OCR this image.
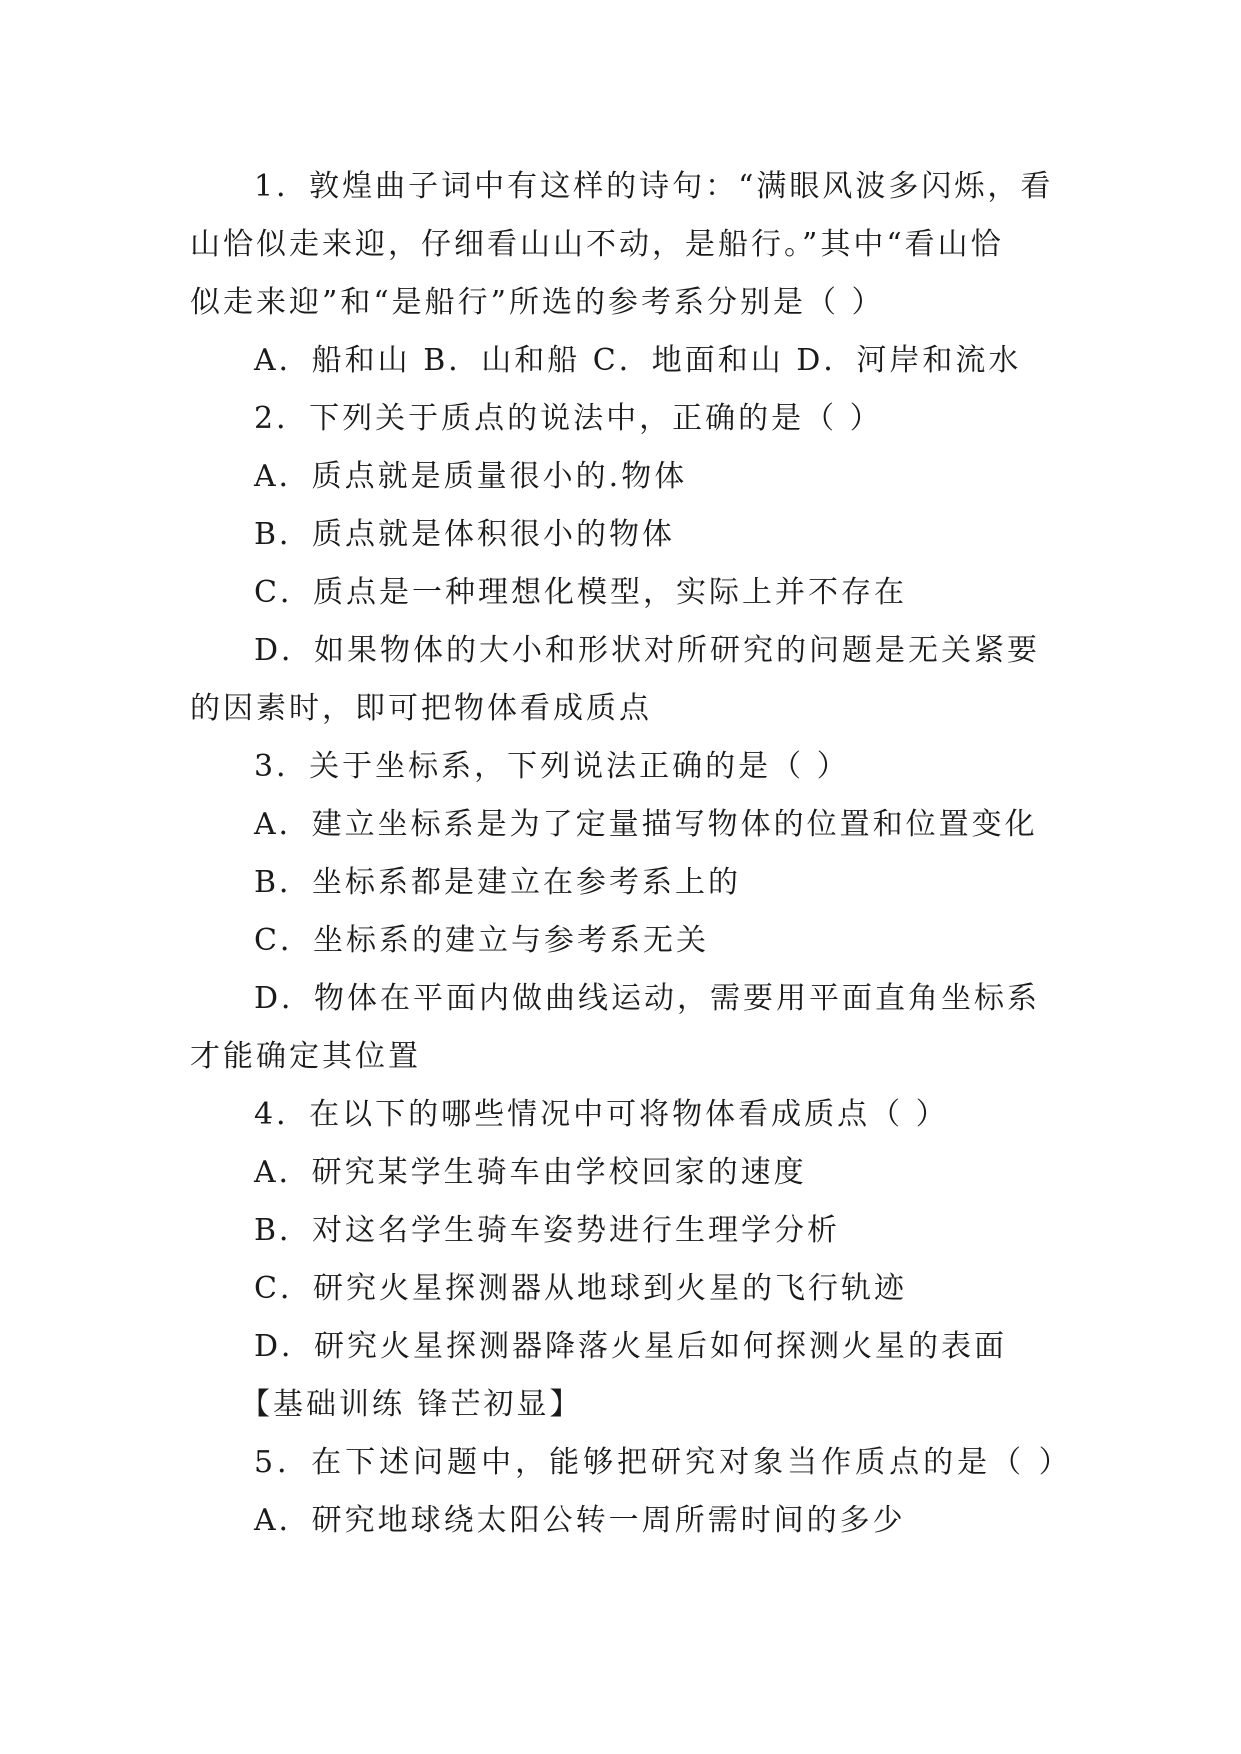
1．敦煌曲子词中有这样的诗句：“满眼风波多闪烁，看
山恰似走来迎，仔细看山山不动，是船行。”其中“看山恰
似走来迎”和“是船行”所选的参考系分别是（ ）
A．船和山 B．山和船 C．地面和山 D．河岸和流水
2．下列关于质点的说法中，正确的是（ ）
A．质点就是质量很小的.物体
B．质点就是体积很小的物体
C．质点是一种理想化模型，实际上并不存在
D．如果物体的大小和形状对所研究的问题是无关紧要
的因素时，即可把物体看成质点
3．关于坐标系，下列说法正确的是（ ）
A．建立坐标系是为了定量描写物体的位置和位置变化
B．坐标系都是建立在参考系上的
C．坐标系的建立与参考系无关
D．物体在平面内做曲线运动，需要用平面直角坐标系
才能确定其位置
4．在以下的哪些情况中可将物体看成质点（ ）
A．研究某学生骑车由学校回家的速度
B．对这名学生骑车姿势进行生理学分析
C．研究火星探测器从地球到火星的飞行轨迹
D．研究火星探测器降落火星后如何探测火星的表面
【基础训练 锋芒初显】
5．在下述问题中，能够把研究对象当作质点的是（ ）
A．研究地球绕太阳公转一周所需时间的多少
